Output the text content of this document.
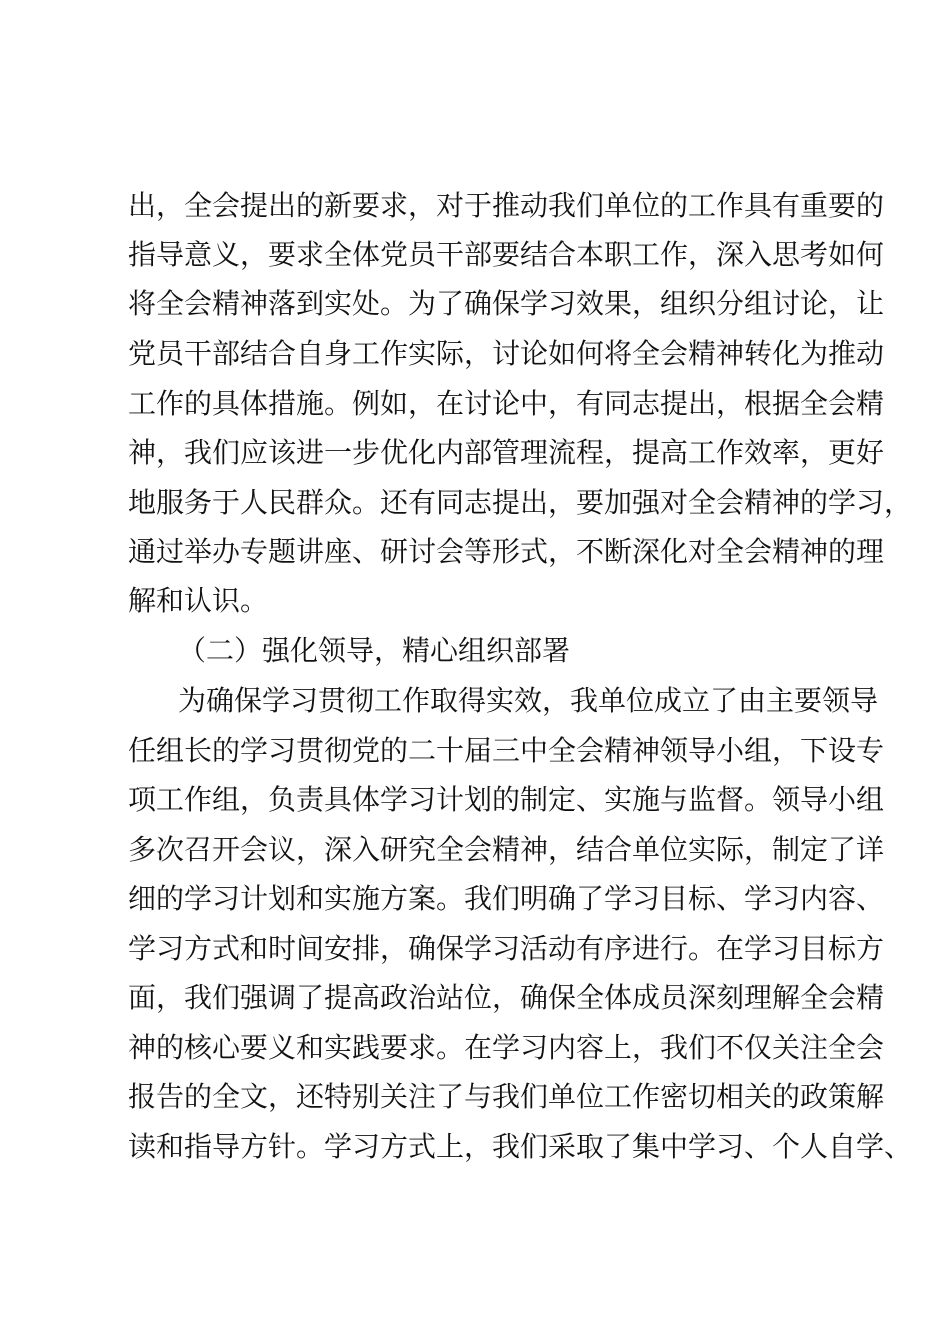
出，全会提出的新要求，对于推动我们单位的工作具有重要的
指导意义，要求全体党员干部要结合本职工作，深入思考如何
将全会精神落到实处。为了确保学习效果，组织分组讨论，让
党员干部结合自身工作实际，讨论如何将全会精神转化为推动
工作的具体措施。例如，在讨论中，有同志提出，根据全会精
神，我们应该进一步优化内部管理流程，提高工作效率，更好
地服务于人民群众。还有同志提出，要加强对全会精神的学习，
通过举办专题讲座、研讨会等形式，不断深化对全会精神的理
解和认识。
（二）强化领导，精心组织部署
为确保学习贯彻工作取得实效，我单位成立了由主要领导
任组长的学习贯彻党的二十届三中全会精神领导小组，下设专
项工作组，负责具体学习计划的制定、实施与监督。领导小组
多次召开会议，深入研究全会精神，结合单位实际，制定了详
细的学习计划和实施方案。我们明确了学习目标、学习内容、
学习方式和时间安排，确保学习活动有序进行。在学习目标方
面，我们强调了提高政治站位，确保全体成员深刻理解全会精
神的核心要义和实践要求。在学习内容上，我们不仅关注全会
报告的全文，还特别关注了与我们单位工作密切相关的政策解
读和指导方针。学习方式上，我们采取了集中学习、个人自学、
